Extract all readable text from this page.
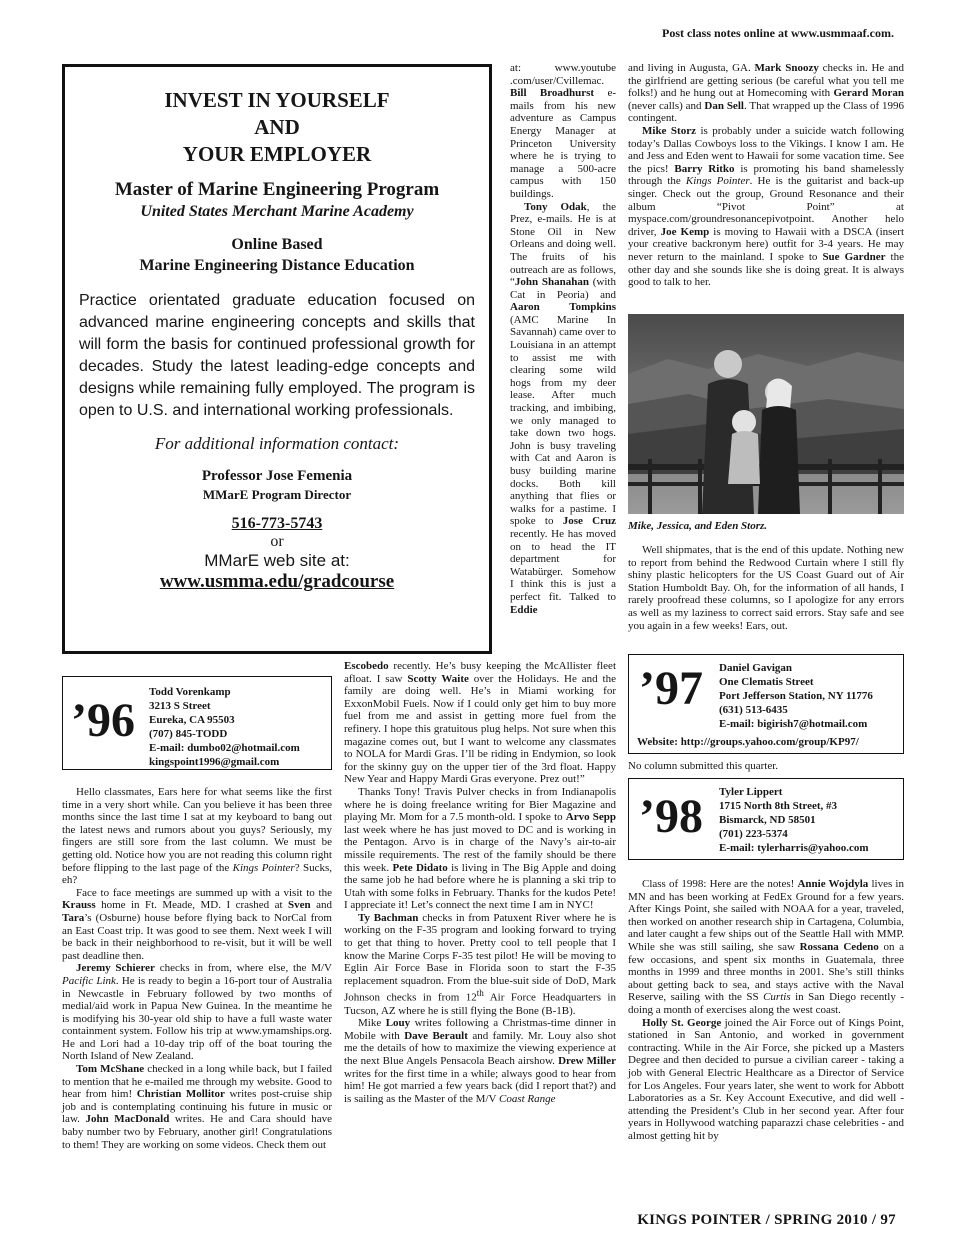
Post class notes online at www.usmmaaf.com.
INVEST IN YOURSELF
AND
YOUR EMPLOYER
Master of Marine Engineering Program
United States Merchant Marine Academy
Online Based
Marine Engineering Distance Education
Practice orientated graduate education focused on advanced marine engineering concepts and skills that will form the basis for continued professional growth for decades. Study the latest leading-edge concepts and designs while remaining fully employed. The program is open to U.S. and international working professionals.
For additional information contact:
Professor Jose Femenia
MMarE Program Director
516-773-5743
or
MMarE web site at:
www.usmma.edu/gradcourse

at: www.youtube .com/user/Cvillemac. Bill Broadhurst e-mails from his new adventure as Campus Energy Manager at Princeton University where he is trying to manage a 500-acre campus with 150 buildings.

Tony Odak, the Prez, e-mails. He is at Stone Oil in New Orleans and doing well. The fruits of his outreach are as follows, “John Shanahan (with Cat in Peoria) and Aaron Tompkins (AMC Marine In Savannah) came over to Louisiana in an attempt to assist me with clearing some wild hogs from my deer lease. After much tracking, and imbibing, we only managed to take down two hogs. John is busy traveling with Cat and Aaron is busy building marine docks. Both kill anything that flies or walks for a pastime. I spoke to Jose Cruz recently. He has moved on to head the IT department for Watabürger. Somehow I think this is just a perfect fit. Talked to Eddie

Escobedo recently. He’s busy keeping the McAllister fleet afloat. I saw Scotty Waite over the Holidays. He and the family are doing well. He’s in Miami working for ExxonMobil Fuels. Now if I could only get him to buy more fuel from me and assist in getting more fuel from the refinery. I hope this gratuitous plug helps. Not sure when this magazine comes out, but I want to welcome any classmates to NOLA for Mardi Gras. I’ll be riding in Endymion, so look for the skinny guy on the upper tier of the 3rd float. Happy New Year and Happy Mardi Gras everyone. Prez out!”

Thanks Tony! Travis Pulver checks in from Indianapolis where he is doing freelance writing for Bier Magazine and playing Mr. Mom for a 7.5 month-old. I spoke to Arvo Sepp last week where he has just moved to DC and is working in the Pentagon. Arvo is in charge of the Navy’s air-to-air missile requirements. The rest of the family should be there this week. Pete Didato is living in The Big Apple and doing the same job he had before where he is planning a ski trip to Utah with some folks in February. Thanks for the kudos Pete! I appreciate it! Let’s connect the next time I am in NYC!

Ty Bachman checks in from Patuxent River where he is working on the F-35 program and looking forward to trying to get that thing to hover. Pretty cool to tell people that I know the Marine Corps F-35 test pilot! He will be moving to Eglin Air Force Base in Florida soon to start the F-35 replacement squadron. From the blue-suit side of DoD, Mark Johnson checks in from 12th Air Force Headquarters in Tucson, AZ where he is still flying the Bone (B-1B).

Mike Louy writes following a Christmas-time dinner in Mobile with Dave Berault and family. Mr. Louy also shot me the details of how to maximize the viewing experience at the next Blue Angels Pensacola Beach airshow. Drew Miller writes for the first time in a while; always good to hear from him! He got married a few years back (did I report that?) and is sailing as the Master of the M/V Coast Range

’96
Todd Vorenkamp
3213 S Street
Eureka, CA 95503
(707) 845-TODD
E-mail: dumbo02@hotmail.com
kingspoint1996@gmail.com

Hello classmates, Ears here for what seems like the first time in a very short while. Can you believe it has been three months since the last time I sat at my keyboard to bang out the latest news and rumors about you guys? Seriously, my fingers are still sore from the last column. We must be getting old. Notice how you are not reading this column right before flipping to the last page of the Kings Pointer? Sucks, eh?

Face to face meetings are summed up with a visit to the Krauss home in Ft. Meade, MD. I crashed at Sven and Tara’s (Osburne) house before flying back to NorCal from an East Coast trip. It was good to see them. Next week I will be back in their neighborhood to re-visit, but it will be well past deadline then.

Jeremy Schierer checks in from, where else, the M/V Pacific Link. He is ready to begin a 16-port tour of Australia in Newcastle in February followed by two months of medial/aid work in Papua New Guinea. In the meantime he is modifying his 30-year old ship to have a full waste water containment system. Follow his trip at www.ymamships.org. He and Lori had a 10-day trip off of the boat touring the North Island of New Zealand.

Tom McShane checked in a long while back, but I failed to mention that he e-mailed me through my website. Good to hear from him! Christian Mollitor writes post-cruise ship job and is contemplating continuing his future in music or law. John MacDonald writes. He and Cara should have baby number two by February, another girl! Congratulations to them! They are working on some videos. Check them out

and living in Augusta, GA. Mark Snoozy checks in. He and the girlfriend are getting serious (be careful what you tell me folks!) and he hung out at Homecoming with Gerard Moran (never calls) and Dan Sell. That wrapped up the Class of 1996 contingent.

Mike Storz is probably under a suicide watch following today’s Dallas Cowboys loss to the Vikings. I know I am. He and Jess and Eden went to Hawaii for some vacation time. See the pics! Barry Ritko is promoting his band shamelessly through the Kings Pointer. He is the guitarist and back-up singer. Check out the group, Ground Resonance and their album “Pivot Point” at myspace.com/groundresonancepivotpoint. Another helo driver, Joe Kemp is moving to Hawaii with a DSCA (insert your creative backronym here) outfit for 3-4 years. He may never return to the mainland. I spoke to Sue Gardner the other day and she sounds like she is doing great. It is always good to talk to her.

Mike, Jessica, and Eden Storz.

Well shipmates, that is the end of this update. Nothing new to report from behind the Redwood Curtain where I still fly shiny plastic helicopters for the US Coast Guard out of Air Station Humboldt Bay. Oh, for the information of all hands, I rarely proofread these columns, so I apologize for any errors as well as my laziness to correct said errors. Stay safe and see you again in a few weeks! Ears, out.

’97 Daniel Gavigan
One Clematis Street
Port Jefferson Station, NY 11776
(631) 513-6435
E-mail: bigirish7@hotmail.com
Website: http://groups.yahoo.com/group/KP97/
No column submitted this quarter.
’98 Tyler Lippert
1715 North 8th Street, #3
Bismarck, ND 58501
(701) 223-5374
E-mail: tylerharris@yahoo.com

Class of 1998: Here are the notes! Annie Wojdyla lives in MN and has been working at FedEx Ground for a few years. After Kings Point, she sailed with NOAA for a year, traveled, then worked on another research ship in Cartagena, Columbia, and later caught a few ships out of the Seattle Hall with MMP. While she was still sailing, she saw Rossana Cedeno on a few occasions, and spent six months in Guatemala, three months in 1999 and three months in 2001. She’s still thinks about getting back to sea, and stays active with the Naval Reserve, sailing with the SS Curtis in San Diego recently - doing a month of exercises along the west coast.

Holly St. George joined the Air Force out of Kings Point, stationed in San Antonio, and worked in government contracting. While in the Air Force, she picked up a Masters Degree and then decided to pursue a civilian career - taking a job with General Electric Healthcare as a Director of Service for Los Angeles. Four years later, she went to work for Abbott Laboratories as a Sr. Key Account Executive, and did well - attending the President’s Club in her second year. After four years in Hollywood watching paparazzi chase celebrities - and almost getting hit by

KINGS POINTER / SPRING 2010 / 97
